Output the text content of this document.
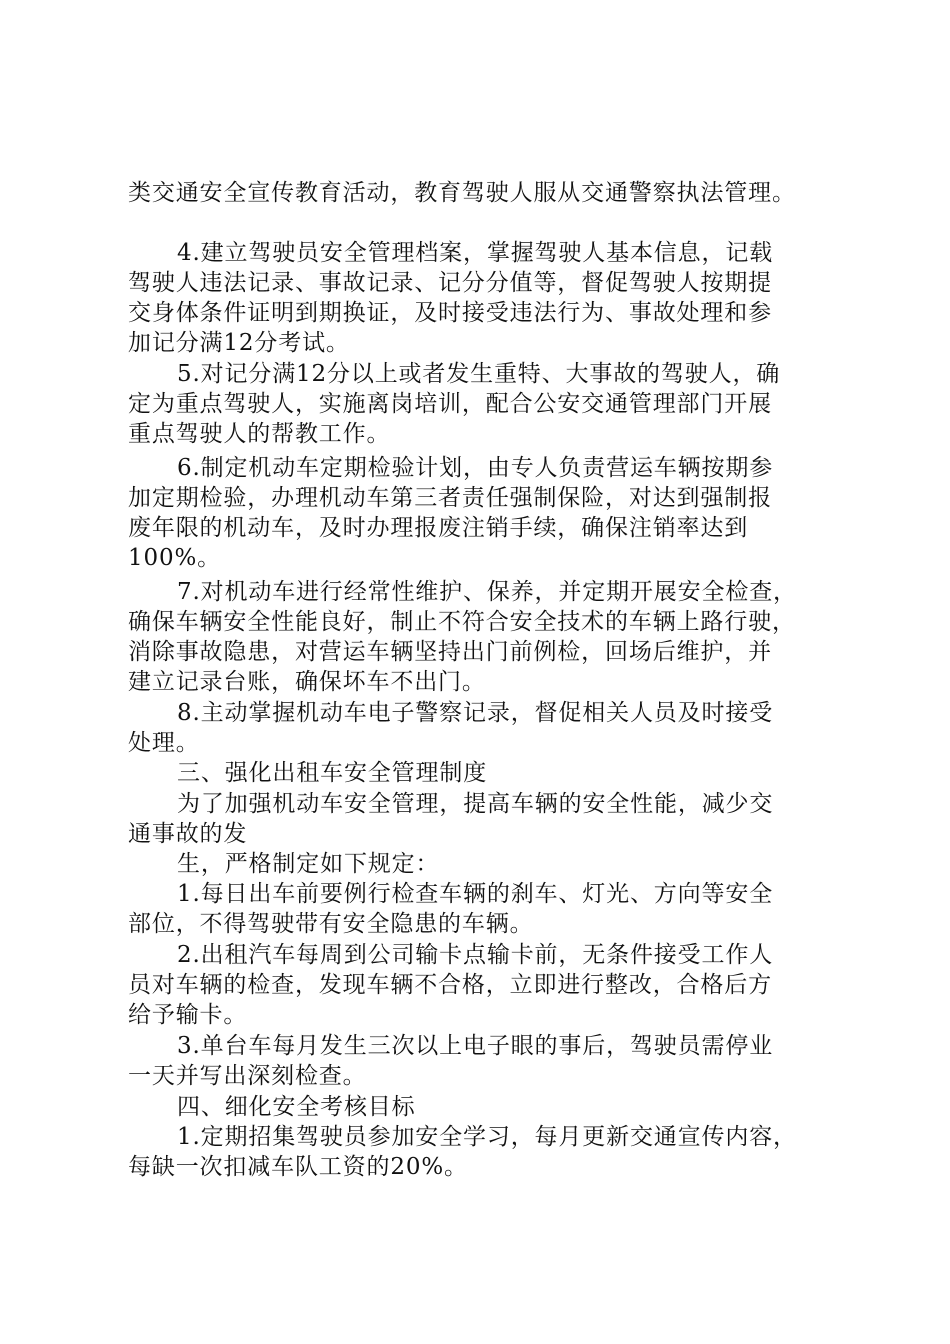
类交通安全宣传教育活动，教育驾驶人服从交通警察执法管理。
4.建立驾驶员安全管理档案，掌握驾驶人基本信息，记载
驾驶人违法记录、事故记录、记分分值等，督促驾驶人按期提
交身体条件证明到期换证，及时接受违法行为、事故处理和参
加记分满12分考试。
5.对记分满12分以上或者发生重特、大事故的驾驶人，确
定为重点驾驶人，实施离岗培训，配合公安交通管理部门开展
重点驾驶人的帮教工作。
6.制定机动车定期检验计划，由专人负责营运车辆按期参
加定期检验，办理机动车第三者责任强制保险，对达到强制报
废年限的机动车，及时办理报废注销手续，确保注销率达到
100%。
7.对机动车进行经常性维护、保养，并定期开展安全检查，
确保车辆安全性能良好，制止不符合安全技术的车辆上路行驶，
消除事故隐患，对营运车辆坚持出门前例检，回场后维护，并
建立记录台账，确保坏车不出门。
8.主动掌握机动车电子警察记录，督促相关人员及时接受
处理。
三、强化出租车安全管理制度
为了加强机动车安全管理，提高车辆的安全性能，减少交
通事故的发
生，严格制定如下规定：
1.每日出车前要例行检查车辆的刹车、灯光、方向等安全
部位，不得驾驶带有安全隐患的车辆。
2.出租汽车每周到公司输卡点输卡前，无条件接受工作人
员对车辆的检查，发现车辆不合格，立即进行整改，合格后方
给予输卡。
3.单台车每月发生三次以上电子眼的事后，驾驶员需停业
一天并写出深刻检查。
四、细化安全考核目标
1.定期招集驾驶员参加安全学习，每月更新交通宣传内容，
每缺一次扣减车队工资的20%。
